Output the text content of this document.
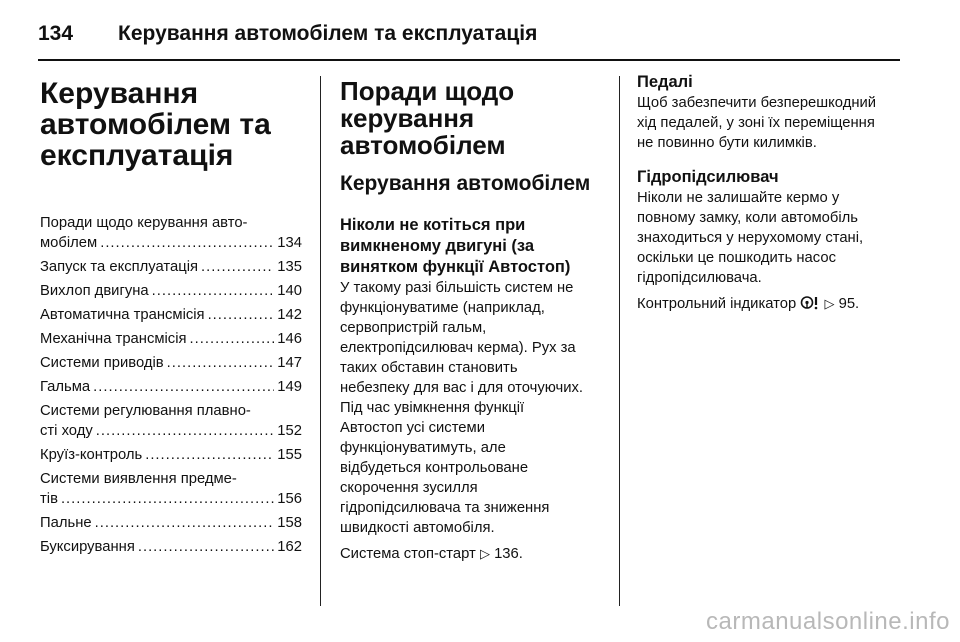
134 Керування автомобілем та експлуатація
Керування
автомобілем та
експлуатація
Поради щодо керування авто-
мобілем .....	134
Запуск та експлуатація .....	135
Вихлоп двигуна .....	140
Автоматична трансмісія .....	142
Механічна трансмісія .....	146
Системи приводів .....	147
Гальма .....	149
Системи регулювання плавно-
сті ходу .....	152
Круїз-контроль .....	155
Системи виявлення предме-
тів .....	156
Пальне .....	158
Буксирування .....	162
Поради щодо
керування
автомобілем
Керування автомобілем
Ніколи не котіться при
вимкненому двигуні (за
винятком функції Автостоп)

У такому разі більшість систем не
функціонуватиме (наприклад,
сервопристрій гальм,
електропідсилювач керма). Рух за
таких обставин становить
небезпеку для вас і для оточуючих.
Під час увімкнення функції
Автостоп усі системи
функціонуватимуть, але
відбудеться контрольоване
скорочення зусилля
гідропідсилювача та зниження
швидкості автомобіля.

Система стоп-старт ▷ 136.

Педалі

Щоб забезпечити безперешкодний
хід педалей, у зоні їх переміщення
не повинно бути килимків.

Гідропідсилювач

Ніколи не залишайте кермо у
повному замку, коли автомобіль
знаходиться у нерухомому стані,
оскільки це пошкодить насос
гідропідсилювача.

Контрольний індикатор ▷ 95.

carmanualsonline.info
